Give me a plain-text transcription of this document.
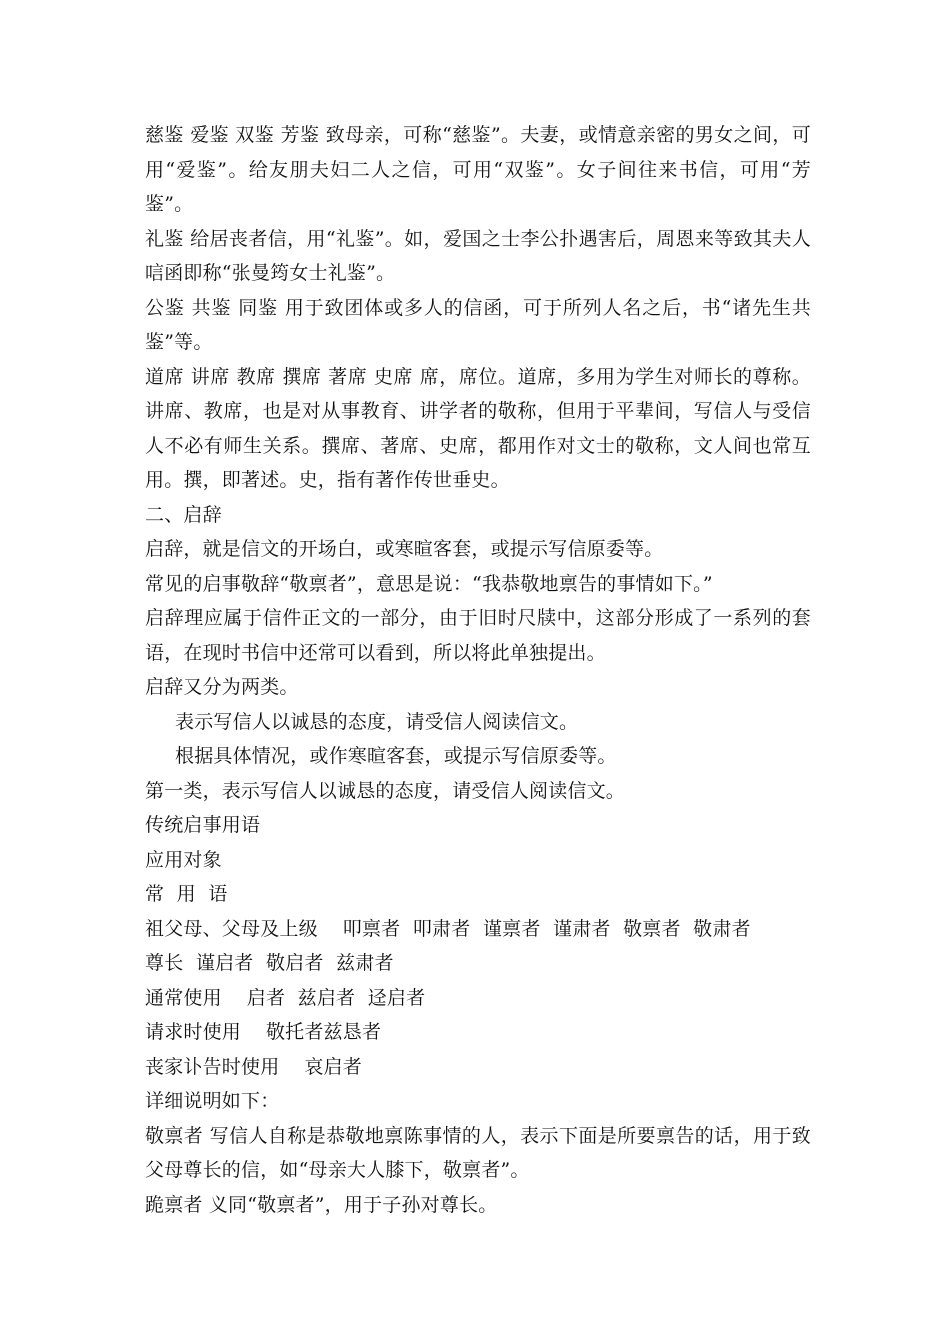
慈鉴 爱鉴 双鉴 芳鉴 致母亲，可称“慈鉴”。夫妻，或情意亲密的男女之间，可用“爱鉴”。给友朋夫妇二人之信，可用“双鉴”。女子间往来书信，可用“芳鉴”。

礼鉴 给居丧者信，用“礼鉴”。如，爱国之士李公扑遇害后，周恩来等致其夫人唁函即称“张曼筠女士礼鉴”。

公鉴 共鉴 同鉴 用于致团体或多人的信函，可于所列人名之后，书“诸先生共鉴”等。

道席 讲席 教席 撰席 著席 史席 席，席位。道席，多用为学生对师长的尊称。讲席、教席，也是对从事教育、讲学者的敬称，但用于平辈间，写信人与受信人不必有师生关系。撰席、著席、史席，都用作对文士的敬称，文人间也常互用。撰，即著述。史，指有著作传世垂史。

二、启辞

启辞，就是信文的开场白，或寒暄客套，或提示写信原委等。

常见的启事敬辞“敬禀者”，意思是说：“我恭敬地禀告的事情如下。”

启辞理应属于信件正文的一部分，由于旧时尺牍中，这部分形成了一系列的套语，在现时书信中还常可以看到，所以将此单独提出。

启辞又分为两类。

表示写信人以诚恳的态度，请受信人阅读信文。

根据具体情况，或作寒暄客套，或提示写信原委等。

第一类，表示写信人以诚恳的态度，请受信人阅读信文。

传统启事用语

应用对象

常  用  语

祖父母、父母及上级    叩禀者  叩肃者  谨禀者  谨肃者  敬禀者  敬肃者

尊长  谨启者  敬启者  兹肃者

通常使用    启者  兹启者  迳启者

请求时使用    敬托者兹恳者

丧家讣告时使用    哀启者

详细说明如下：

敬禀者 写信人自称是恭敬地禀陈事情的人，表示下面是所要禀告的话，用于致父母尊长的信，如“母亲大人膝下，敬禀者”。

跪禀者 义同“敬禀者”，用于子孙对尊长。
